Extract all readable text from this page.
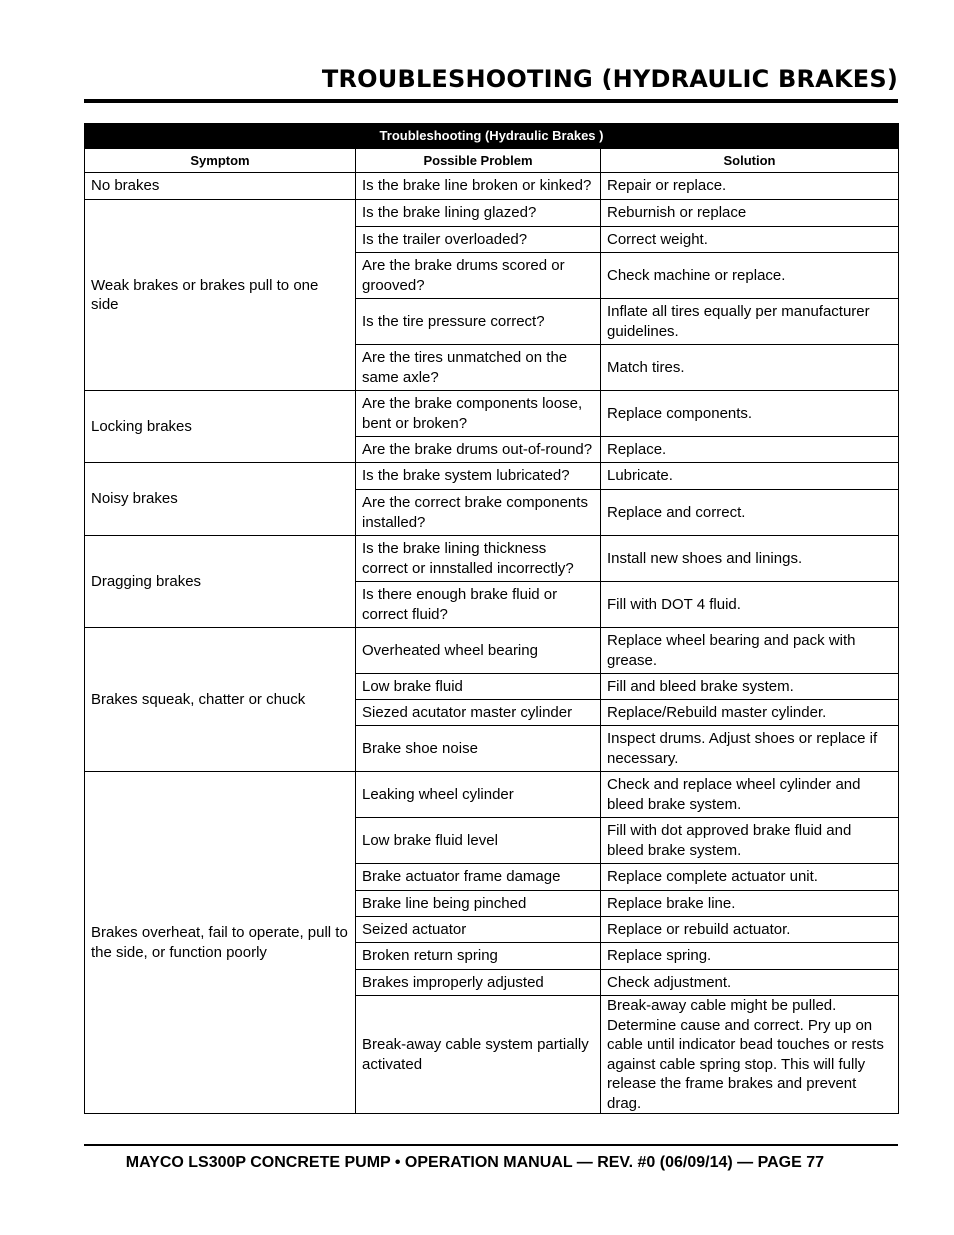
TROUBLESHOOTING (HYDRAULIC BRAKES)
Troubleshooting (Hydraulic Brakes )		
Symptom	Possible Problem	Solution
No brakes	Is the brake line broken or kinked?	Repair or replace.
Weak brakes or brakes pull to one side	Is the brake lining glazed?	Reburnish or replace
	Is the trailer overloaded?	Correct weight.
	Are the brake drums scored or grooved?	Check machine or replace.
	Is the tire pressure correct?	Inflate all tires equally per manufacturer guidelines.
	Are the tires unmatched on the same axle?	Match tires.
Locking brakes	Are the brake components loose, bent or broken?	Replace components.
	Are the brake drums out-of-round?	Replace.
Noisy brakes	Is the brake system lubricated?	Lubricate.
	Are the correct brake components installed?	Replace and correct.
Dragging brakes	Is the brake lining thickness correct or innstalled incorrectly?	Install new shoes and linings.
	Is there enough brake fluid or correct fluid?	Fill with DOT 4 fluid.
Brakes squeak, chatter or chuck	Overheated wheel bearing	Replace wheel bearing and pack with grease.
	Low brake fluid	Fill and bleed brake system.
	Siezed acutator master cylinder	Replace/Rebuild master cylinder.
	Brake shoe noise	Inspect drums. Adjust shoes or replace if necessary.
Brakes overheat, fail to operate, pull to the side, or function poorly	Leaking wheel cylinder	Check and replace wheel cylinder and bleed brake system.
	Low brake fluid level	Fill with dot approved brake fluid and bleed brake system.
	Brake actuator frame damage	Replace complete actuator unit.
	Brake line being pinched	Replace brake line.
	Seized actuator	Replace or rebuild actuator.
	Broken return spring	Replace spring.
	Brakes improperly adjusted	Check adjustment.
	Break-away cable system partially activated	Break-away cable might be pulled. Determine cause and correct. Pry up on cable until indicator bead touches or rests against cable spring stop. This will fully release the frame brakes and prevent drag.
MAYCO LS300P CONCRETE PUMP • OPERATION MANUAL — REV. #0 (06/09/14) — PAGE 77
